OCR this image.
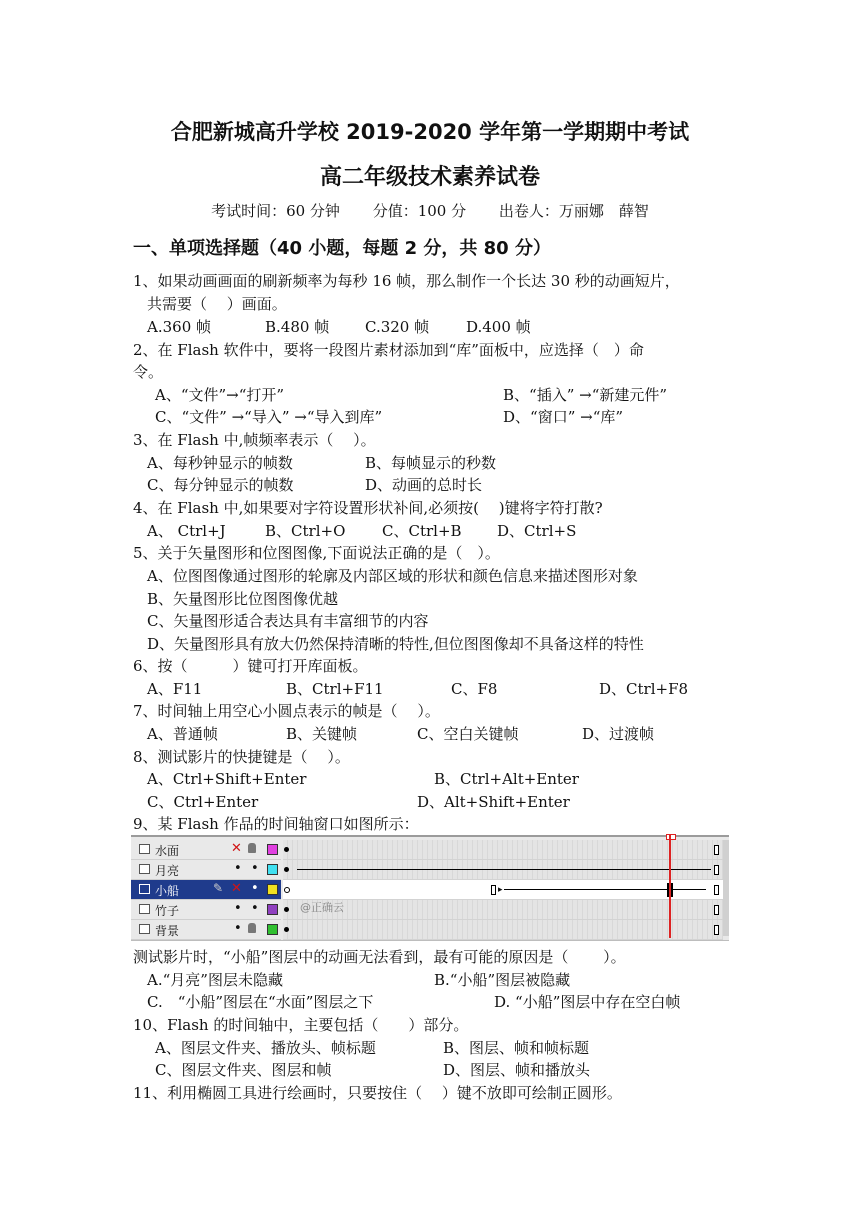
合肥新城高升学校 2019-2020 学年第一学期期中考试
高二年级技术素养试卷
考试时间：60 分钟 分值：100 分 出卷人：万丽娜　薛智
一、单项选择题（40 小题，每题 2 分，共 80 分）
1、如果动画画面的刷新频率为每秒 16 帧，那么制作一个长达 30 秒的动画短片，
共需要（　 ）画面。
A.360 帧	B.480 帧 C.320 帧 D.400 帧
2、在 Flash 软件中，要将一段图片素材添加到“库”面板中，应选择（　）命
令。
A、“文件”→“打开”	B、“插入” →“新建元件”
C、“文件” →“导入” →“导入到库”	D、“窗口” →“库”
3、在 Flash 中,帧频率表示（　 ）。
A、每秒钟显示的帧数	B、每帧显示的秒数
C、每分钟显示的帧数	D、动画的总时长
4、在 Flash 中,如果要对字符设置形状补间,必须按(　 )键将字符打散?
A、 Ctrl+J	B、Ctrl+O C、Ctrl+B D、Ctrl+S
5、关于矢量图形和位图图像,下面说法正确的是（　）。
A、位图图像通过图形的轮廓及内部区域的形状和颜色信息来描述图形对象
B、矢量图形比位图图像优越
C、矢量图形适合表达具有丰富细节的内容
D、矢量图形具有放大仍然保持清晰的特性,但位图图像却不具备这样的特性
6、按（　　　）键可打开库面板。
A、F11	B、Ctrl+F11	C、F8	D、Ctrl+F8
7、时间轴上用空心小圆点表示的帧是（　 ）。
A、普通帧	B、关键帧	C、空白关键帧	D、过渡帧
8、测试影片的快捷键是（　 ）。
A、Ctrl+Shift+Enter	B、Ctrl+Alt+Enter
C、Ctrl+Enter	D、Alt+Shift+Enter
9、某 Flash 作品的时间轴窗口如图所示：
水面	✕
月亮	• •
小船	✎ ✕ •
竹子	• •
背景	•
▸
@正确云
测试影片时，“小船”图层中的动画无法看到，最有可能的原因是（　　 ）。
A.“月亮”图层未隐藏	B.“小船”图层被隐藏
C.　“小船”图层在“水面”图层之下	D. “小船”图层中存在空白帧
10、Flash 的时间轴中，主要包括（　　）部分。
A、图层文件夹、播放头、帧标题	B、图层、帧和帧标题
C、图层文件夹、图层和帧	D、图层、帧和播放头
11、利用椭圆工具进行绘画时，只要按住（　 ）键不放即可绘制正圆形。
